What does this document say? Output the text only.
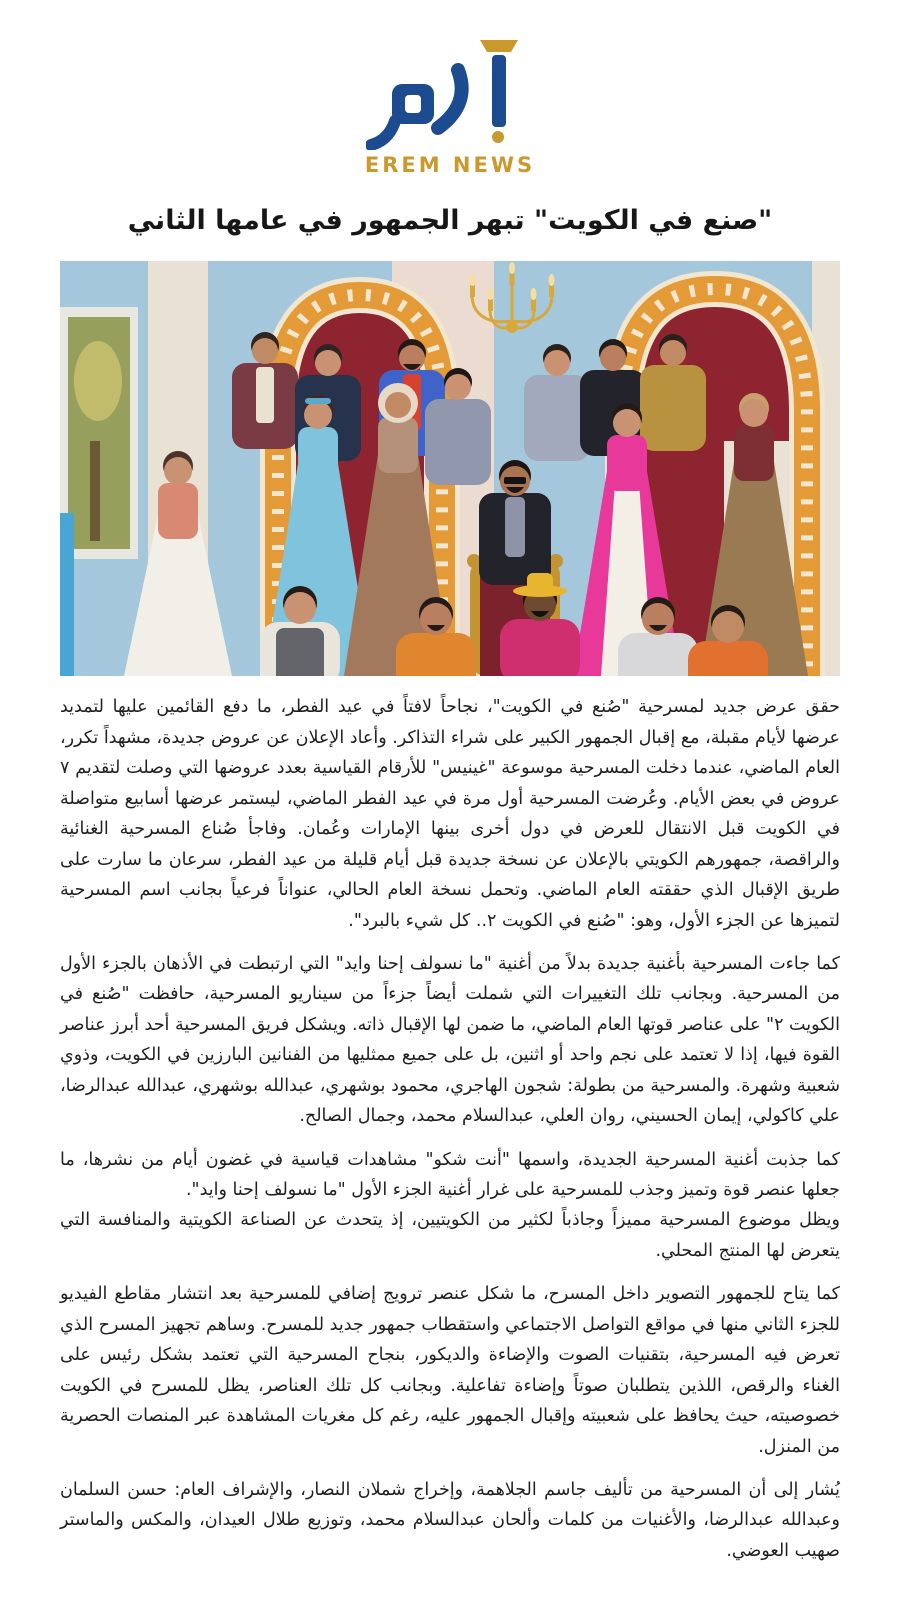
EREM NEWS
"صنع في الكويت" تبهر الجمهور في عامها الثاني

حقق عرض جديد لمسرحية "صُنع في الكويت"، نجاحاً لافتاً في عيد الفطر، ما دفع القائمين عليها لتمديد عرضها لأيام مقبلة، مع إقبال الجمهور الكبير على شراء التذاكر. وأعاد الإعلان عن عروض جديدة، مشهداً تكرر، العام الماضي، عندما دخلت المسرحية موسوعة "غينيس" للأرقام القياسية بعدد عروضها التي وصلت لتقديم ٧ عروض في بعض الأيام. وعُرضت المسرحية أول مرة في عيد الفطر الماضي، ليستمر عرضها أسابيع متواصلة في الكويت قبل الانتقال للعرض في دول أخرى بينها الإمارات وعُمان. وفاجأ صُناع المسرحية الغنائية والراقصة، جمهورهم الكويتي بالإعلان عن نسخة جديدة قبل أيام قليلة من عيد الفطر، سرعان ما سارت على طريق الإقبال الذي حققته العام الماضي. وتحمل نسخة العام الحالي، عنواناً فرعياً بجانب اسم المسرحية لتميزها عن الجزء الأول، وهو: "صُنع في الكويت ٢.. كل شيء بالبرد".

كما جاءت المسرحية بأغنية جديدة بدلاً من أغنية "ما نسولف إحنا وايد" التي ارتبطت في الأذهان بالجزء الأول من المسرحية. وبجانب تلك التغييرات التي شملت أيضاً جزءاً من سيناريو المسرحية، حافظت "صُنع في الكويت ٢" على عناصر قوتها العام الماضي، ما ضمن لها الإقبال ذاته. ويشكل فريق المسرحية أحد أبرز عناصر القوة فيها، إذا لا تعتمد على نجم واحد أو اثنين، بل على جميع ممثليها من الفنانين البارزين في الكويت، وذوي شعبية وشهرة. والمسرحية من بطولة: شجون الهاجري، محمود بوشهري، عبدالله بوشهري، عبدالله عبدالرضا، علي كاكولي، إيمان الحسيني، روان العلي، عبدالسلام محمد، وجمال الصالح.

كما جذبت أغنية المسرحية الجديدة، واسمها "أنت شكو" مشاهدات قياسية في غضون أيام من نشرها، ما جعلها عنصر قوة وتميز وجذب للمسرحية على غرار أغنية الجزء الأول "ما نسولف إحنا وايد".

ويظل موضوع المسرحية مميزاً وجاذباً لكثير من الكويتيين، إذ يتحدث عن الصناعة الكويتية والمنافسة التي يتعرض لها المنتج المحلي.

كما يتاح للجمهور التصوير داخل المسرح، ما شكل عنصر ترويج إضافي للمسرحية بعد انتشار مقاطع الفيديو للجزء الثاني منها في مواقع التواصل الاجتماعي واستقطاب جمهور جديد للمسرح. وساهم تجهيز المسرح الذي تعرض فيه المسرحية، بتقنيات الصوت والإضاءة والديكور، بنجاح المسرحية التي تعتمد بشكل رئيس على الغناء والرقص، اللذين يتطلبان صوتاً وإضاءة تفاعلية. وبجانب كل تلك العناصر، يظل للمسرح في الكويت خصوصيته، حيث يحافظ على شعبيته وإقبال الجمهور عليه، رغم كل مغريات المشاهدة عبر المنصات الحصرية من المنزل.

يُشار إلى أن المسرحية من تأليف جاسم الجلاهمة، وإخراج شملان النصار، والإشراف العام: حسن السلمان وعبدالله عبدالرضا، والأغنيات من كلمات وألحان عبدالسلام محمد، وتوزيع طلال العيدان، والمكس والماستر صهيب العوضي.
